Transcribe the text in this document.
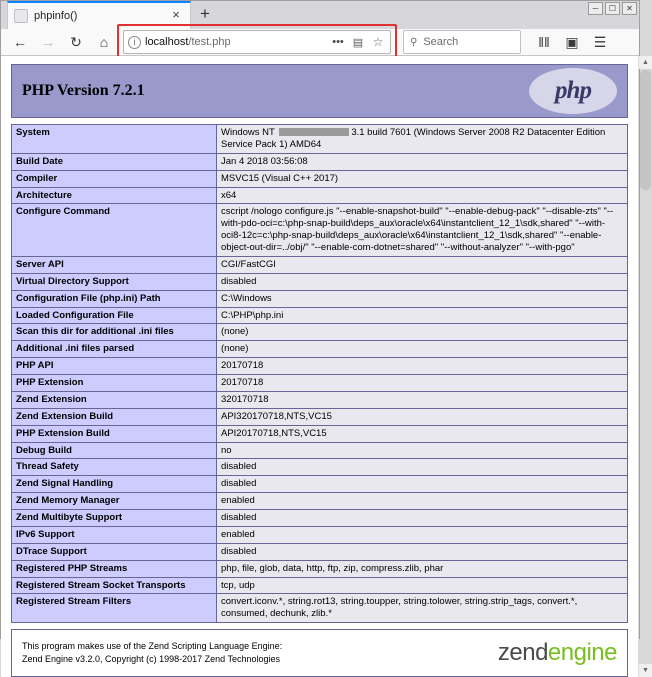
phpinfo()	×	+	─	☐	✕
←	→	↻	⌂	i localhost/test.php	••• ▤ ☆	⚲ Search	‖‖	▣	☰
PHP Version 7.2.1	php
System	Windows NT 3.1 build 7601 (Windows Server 2008 R2 Datacenter Edition Service Pack 1) AMD64
Build Date	Jan 4 2018 03:56:08
Compiler	MSVC15 (Visual C++ 2017)
Architecture	x64
Configure Command	cscript /nologo configure.js "--enable-snapshot-build" "--enable-debug-pack" "--disable-zts" "--with-pdo-oci=c:\php-snap-build\deps_aux\oracle\x64\instantclient_12_1\sdk,shared" "--with-oci8-12c=c:\php-snap-build\deps_aux\oracle\x64\instantclient_12_1\sdk,shared" "--enable-object-out-dir=../obj/" "--enable-com-dotnet=shared" "--without-analyzer" "--with-pgo"
Server API	CGI/FastCGI
Virtual Directory Support	disabled
Configuration File (php.ini) Path	C:\Windows
Loaded Configuration File	C:\PHP\php.ini
Scan this dir for additional .ini files	(none)
Additional .ini files parsed	(none)
PHP API	20170718
PHP Extension	20170718
Zend Extension	320170718
Zend Extension Build	API320170718,NTS,VC15
PHP Extension Build	API20170718,NTS,VC15
Debug Build	no
Thread Safety	disabled
Zend Signal Handling	disabled
Zend Memory Manager	enabled
Zend Multibyte Support	disabled
IPv6 Support	enabled
DTrace Support	disabled
Registered PHP Streams	php, file, glob, data, http, ftp, zip, compress.zlib, phar
Registered Stream Socket Transports	tcp, udp
Registered Stream Filters	convert.iconv.*, string.rot13, string.toupper, string.tolower, string.strip_tags, convert.*, consumed, dechunk, zlib.*
This program makes use of the Zend Scripting Language Engine:
Zend Engine v3.2.0, Copyright (c) 1998-2017 Zend Technologies	zendengine
▲
▼
